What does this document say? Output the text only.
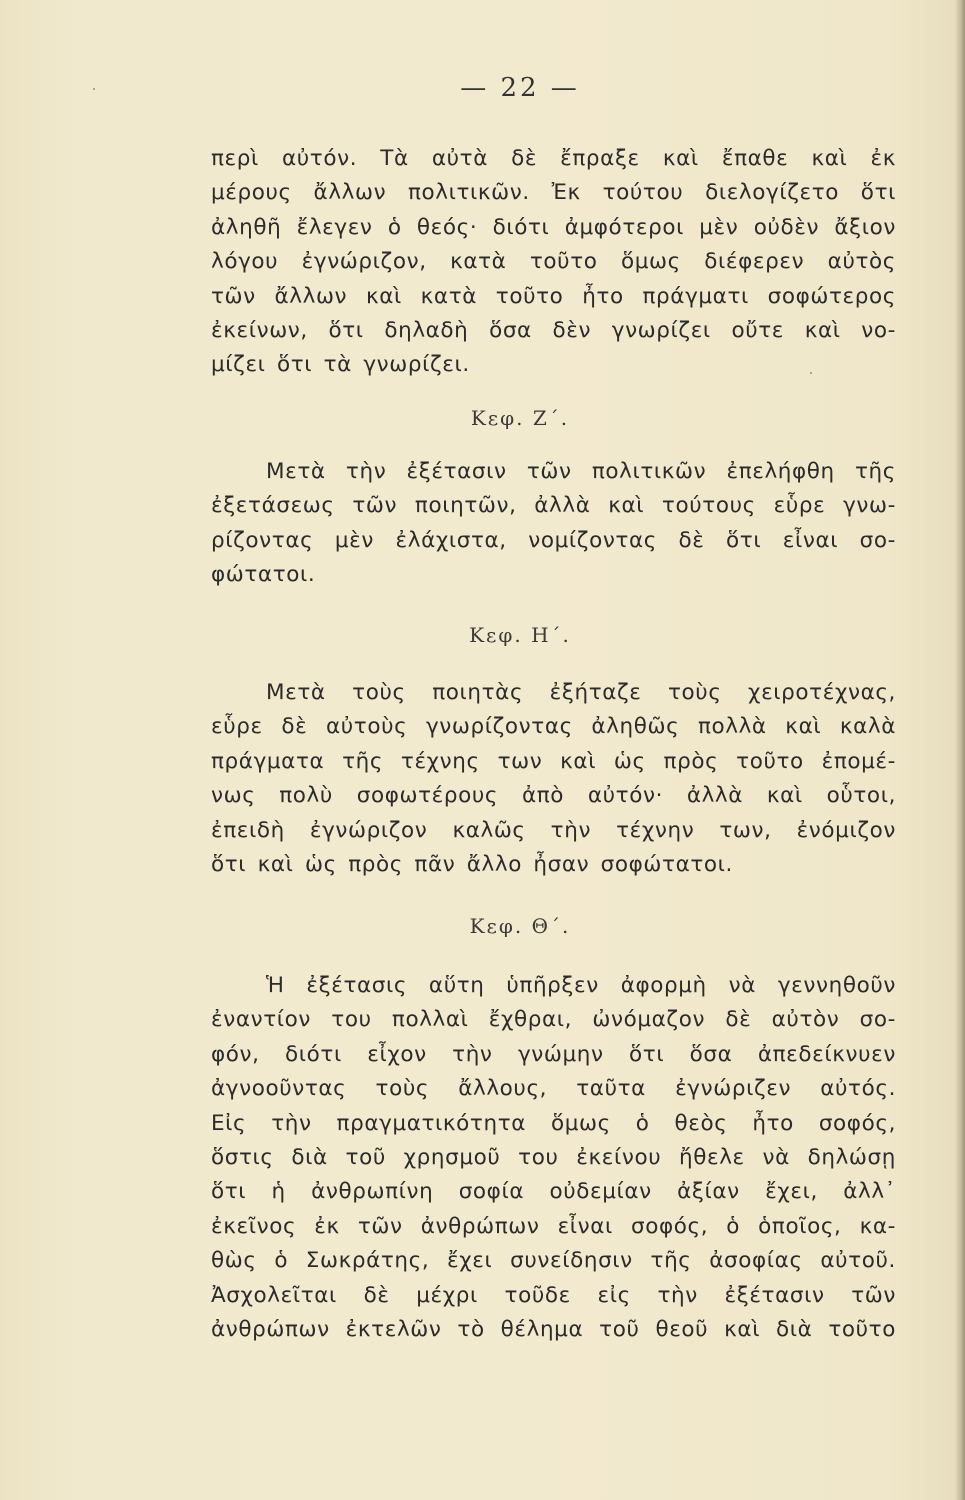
— 22 —
περὶ αὐτόν. Τὰ αὐτὰ δὲ ἔπραξε καὶ ἔπαθε καὶ ἐκ
μέρους ἄλλων πολιτικῶν. Ἐκ τούτου διελογίζετο ὅτι
ἀληθῆ ἔλεγεν ὁ θεός· διότι ἀμφότεροι μὲν οὐδὲν ἄξιον
λόγου ἐγνώριζον, κατὰ τοῦτο ὅμως διέφερεν αὐτὸς
τῶν ἄλλων καὶ κατὰ τοῦτο ἦτο πράγματι σοφώτερος
ἐκείνων, ὅτι δηλαδὴ ὅσα δὲν γνωρίζει οὔτε καὶ νο-
μίζει ὅτι τὰ γνωρίζει.
Κεφ. Ζ΄.
Μετὰ τὴν ἐξέτασιν τῶν πολιτικῶν ἐπελήφθη τῆς
ἐξετάσεως τῶν ποιητῶν, ἀλλὰ καὶ τούτους εὗρε γνω-
ρίζοντας μὲν ἐλάχιστα, νομίζοντας δὲ ὅτι εἶναι σο-
φώτατοι.
Κεφ. Η΄.
Μετὰ τοὺς ποιητὰς ἐξήταζε τοὺς χειροτέχνας,
εὗρε δὲ αὐτοὺς γνωρίζοντας ἀληθῶς πολλὰ καὶ καλὰ
πράγματα τῆς τέχνης των καὶ ὡς πρὸς τοῦτο ἐπομέ-
νως πολὺ σοφωτέρους ἀπὸ αὐτόν· ἀλλὰ καὶ οὗτοι,
ἐπειδὴ ἐγνώριζον καλῶς τὴν τέχνην των, ἐνόμιζον
ὅτι καὶ ὡς πρὸς πᾶν ἄλλο ἦσαν σοφώτατοι.
Κεφ. Θ΄.
Ἡ ἐξέτασις αὕτη ὑπῆρξεν ἀφορμὴ νὰ γεννηθοῦν
ἐναντίον του πολλαὶ ἔχθραι, ὠνόμαζον δὲ αὐτὸν σο-
φόν, διότι εἶχον τὴν γνώμην ὅτι ὅσα ἀπεδείκνυεν
ἀγνοοῦντας τοὺς ἄλλους, ταῦτα ἐγνώριζεν αὐτός.
Εἰς τὴν πραγματικότητα ὅμως ὁ θεὸς ἦτο σοφός,
ὅστις διὰ τοῦ χρησμοῦ του ἐκείνου ἤθελε νὰ δηλώσῃ
ὅτι ἡ ἀνθρωπίνη σοφία οὐδεμίαν ἀξίαν ἔχει, ἀλλ᾽
ἐκεῖνος ἐκ τῶν ἀνθρώπων εἶναι σοφός, ὁ ὁποῖος, κα-
θὼς ὁ Σωκράτης, ἔχει συνείδησιν τῆς ἀσοφίας αὐτοῦ.
Ἀσχολεῖται δὲ μέχρι τοῦδε εἰς τὴν ἐξέτασιν τῶν
ἀνθρώπων ἐκτελῶν τὸ θέλημα τοῦ θεοῦ καὶ διὰ τοῦτο
